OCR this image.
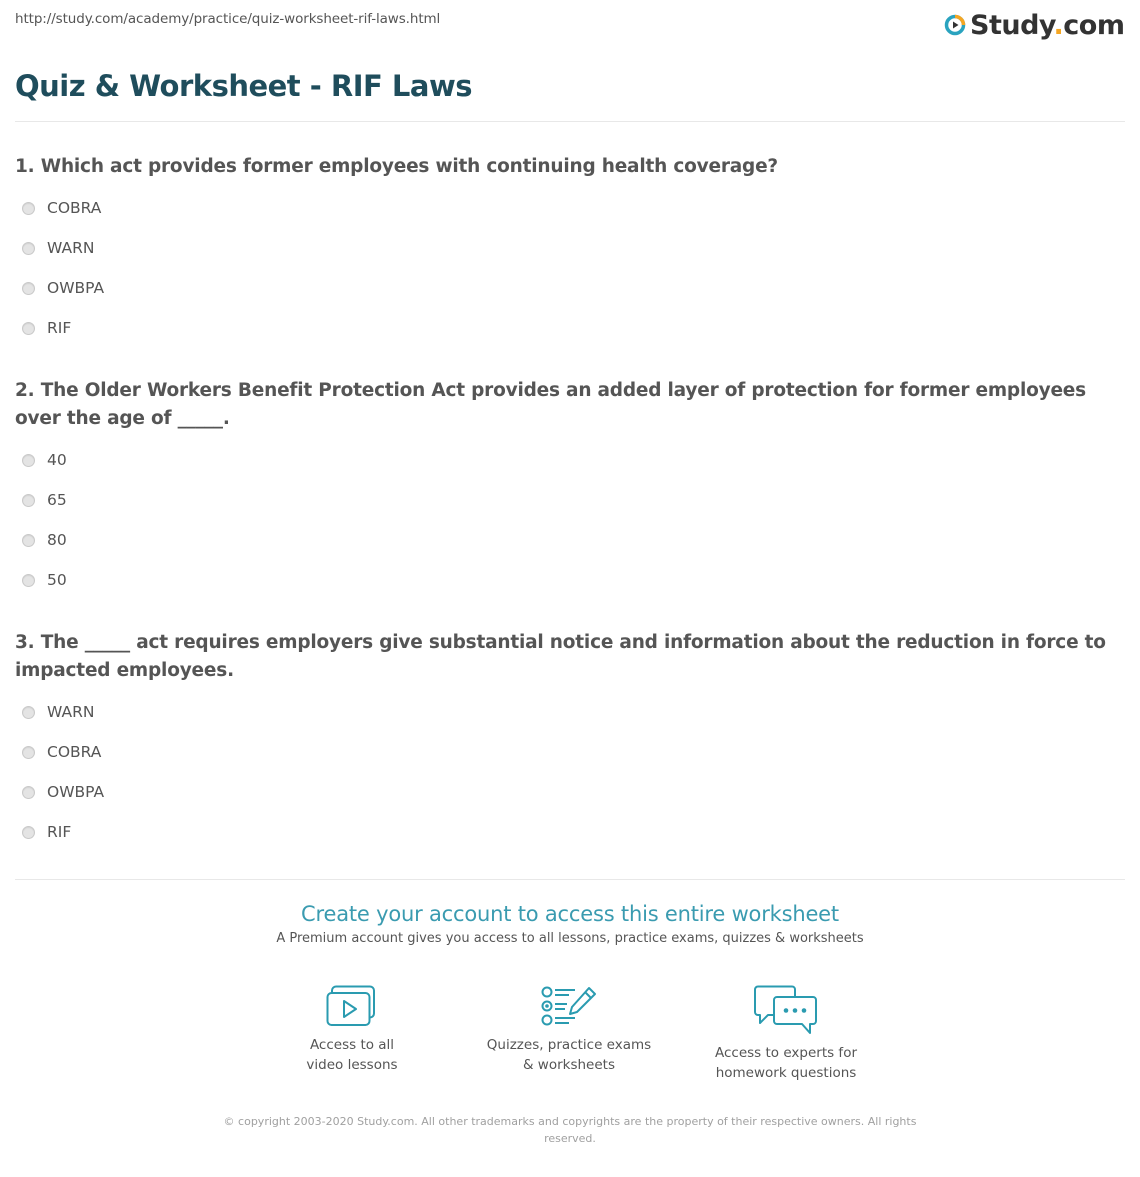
http://study.com/academy/practice/quiz-worksheet-rif-laws.html	Study.com
Quiz & Worksheet - RIF Laws
1. Which act provides former employees with continuing health coverage?
COBRA
WARN
OWBPA
RIF
2. The Older Workers Benefit Protection Act provides an added layer of protection for former employees over the age of _____.
40
65
80
50
3. The _____ act requires employers give substantial notice and information about the reduction in force to impacted employees.
WARN
COBRA
OWBPA
RIF
Create your account to access this entire worksheet
A Premium account gives you access to all lessons, practice exams, quizzes & worksheets
Access to all
video lessons
Quizzes, practice exams
& worksheets
Access to experts for
homework questions
© copyright 2003-2020 Study.com. All other trademarks and copyrights are the property of their respective owners. All rights reserved.
